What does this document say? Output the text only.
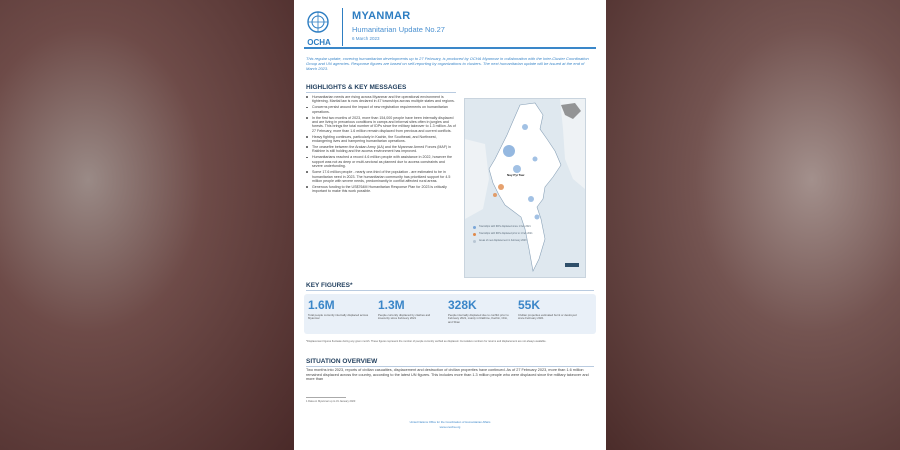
OCHA
MYANMAR
Humanitarian Update No.27
6 March 2023
This regular update, covering humanitarian developments up to 27 February, is produced by OCHA Myanmar in collaboration with the Inter-Cluster Coordination Group and UN agencies. Response figures are based on self-reporting by organizations to clusters. The next humanitarian update will be issued at the end of March 2023.
HIGHLIGHTS & KEY MESSAGES
Humanitarian needs are rising across Myanmar and the operational environment is tightening. Martial law is now declared in 47 townships across multiple states and regions.
Concerns persist around the impact of new registration requirements on humanitarian operations.
In the first two months of 2023, more than 154,000 people have been internally displaced and are living in precarious conditions in camps and informal sites often in jungles and forests. This brings the total number of IDPs since the military takeover to 1.3 million. As of 27 February, more than 1.6 million remain displaced from previous and current conflicts.
Heavy fighting continues, particularly in Kachin, the Southeast, and Northwest, endangering lives and hampering humanitarian operations.
The ceasefire between the Arakan Army (AA) and the Myanmar Armed Forces (MAF) in Rakhine is still holding and the access environment has improved.
Humanitarians reached a record 4.6 million people with assistance in 2022, however the support was not as deep or multi-sectoral as planned due to access constraints and severe underfunding.
Some 17.6 million people - nearly one-third of the population - are estimated to be in humanitarian need in 2023. The humanitarian community has prioritized support for 4.5 million people with severe needs, predominantly in conflict affected rural areas.
Generous funding to the US$764M Humanitarian Response Plan for 2023 is critically important to make this work possible.
Nay Pyi Taw
Townships with IDPs displaced since 1 Feb 2021
Townships with IDPs displaced prior to 1 Feb 2021
Areas of new displacement in February 2023
KEY FIGURES*
1.6M
Total people currently internally displaced across Myanmar
1.3M
People currently displaced by clashes and insecurity since February 2021
328K
People internally displaced due to conflict prior to February 2021, mainly in Rakhine, Kachin, Chin, and Shan
55K
Civilian properties estimated burnt or destroyed since February 2021
*Displacement figures fluctuate during any given month. These figures represent the number of people currently verified as displaced. Cumulative numbers for returns and displacement are not always available.
SITUATION OVERVIEW
Two months into 2023, reports of civilian casualties, displacement and destruction of civilian properties have continued. As of 27 February 2023, more than 1.6 million remained displaced across the country, according to the latest UN figures. This includes more than 1.3 million people who were displaced since the military takeover and more than
1 Data on Myanmar up to 31 January 2023
United Nations Office for the Coordination of Humanitarian Affairs
www.unocha.org
